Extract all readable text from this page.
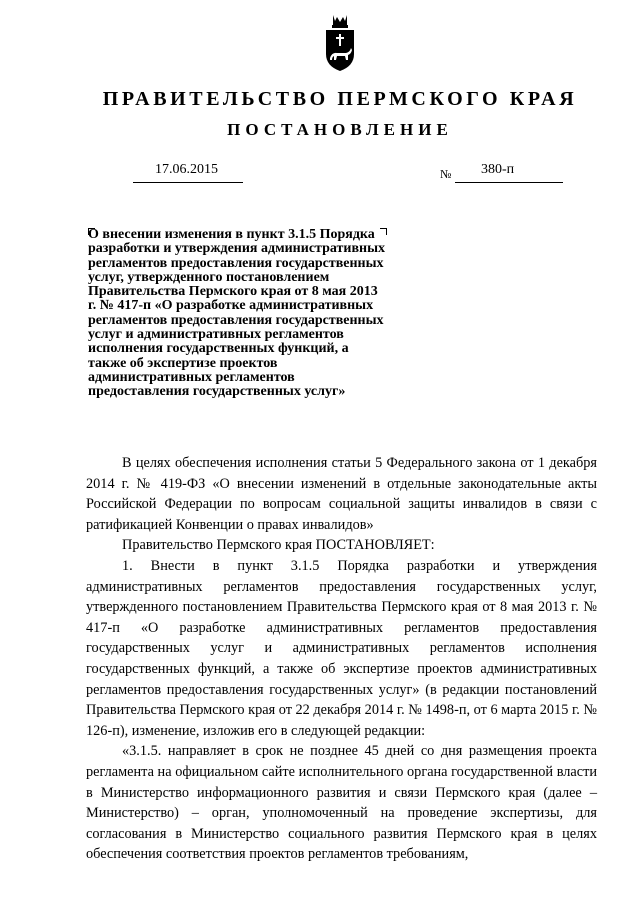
ПРАВИТЕЛЬСТВО ПЕРМСКОГО КРАЯ
ПОСТАНОВЛЕНИЕ
17.06.2015	№ 380-п
О внесении изменения в пункт 3.1.5 Порядка разработки и утверждения административных регламентов предоставления государственных услуг, утвержденного постановлением Правительства Пермского края от 8 мая 2013 г. № 417-п «О разработке административных регламентов предоставления государственных услуг и административных регламентов исполнения государственных функций, а также об экспертизе проектов административных регламентов предоставления государственных услуг»

В целях обеспечения исполнения статьи 5 Федерального закона от 1 декабря 2014 г. № 419-ФЗ «О внесении изменений в отдельные законодательные акты Российской Федерации по вопросам социальной защиты инвалидов в связи с ратификацией Конвенции о правах инвалидов»

Правительство Пермского края ПОСТАНОВЛЯЕТ:

1. Внести в пункт 3.1.5 Порядка разработки и утверждения административных регламентов предоставления государственных услуг, утвержденного постановлением Правительства Пермского края от 8 мая 2013 г. № 417-п «О разработке административных регламентов предоставления государственных услуг и административных регламентов исполнения государственных функций, а также об экспертизе проектов административных регламентов предоставления государственных услуг» (в редакции постановлений Правительства Пермского края от 22 декабря 2014 г. № 1498-п, от 6 марта 2015 г. № 126-п), изменение, изложив его в следующей редакции:

«3.1.5. направляет в срок не позднее 45 дней со дня размещения проекта регламента на официальном сайте исполнительного органа государственной власти в Министерство информационного развития и связи Пермского края (далее – Министерство) – орган, уполномоченный на проведение экспертизы, для согласования в Министерство социального развития Пермского края в целях обеспечения соответствия проектов регламентов требованиям,
